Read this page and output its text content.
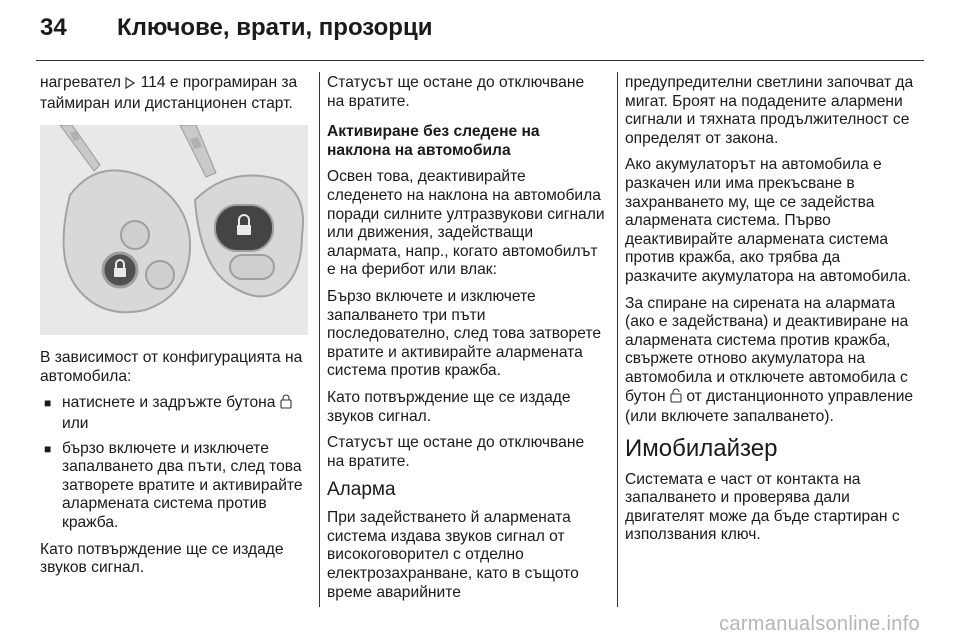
34 Ключове, врати, прозорци

нагревател  114 е програмиран за таймиран или дистанционен старт.

В зависимост от конфигурацията на автомобила:

■ натиснете и задръжте бутона  или
■ бързо включете и изключете запалването два пъти, след това затворете вратите и активирайте алармената система против кражба.

Като потвърждение ще се издаде звуков сигнал.

Статусът ще остане до отключване на вратите.

Активиране без следене на наклона на автомобила

Освен това, деактивирайте следенето на наклона на автомобила поради силните ултразвукови сигнали или движения, задействащи алармата, напр., когато автомобилът е на ферибот или влак:

Бързо включете и изключете запалването три пъти последователно, след това затворете вратите и активирайте алармената система против кражба.

Като потвърждение ще се издаде звуков сигнал.

Статусът ще остане до отключване на вратите.

Аларма

При задействането й алармената система издава звуков сигнал от високоговорител с отделно електрозахранване, като в същото време аварийните

предупредителни светлини започват да мигат. Броят на подадените алармени сигнали и тяхната продължителност се определят от закона.

Ако акумулаторът на автомобила е разкачен или има прекъсване в захранването му, ще се задейства алармената система. Първо деактивирайте алармената система против кражба, ако трябва да разкачите акумулатора на автомобила.

За спиране на сирената на алармата (ако е задействана) и деактивиране на алармената система против кражба, свържете отново акумулатора на автомобила и отключете автомобила с бутон  от дистанционното управление (или включете запалването).

Имобилайзер

Системата е част от контакта на запалването и проверява дали двигателят може да бъде стартиран с използвания ключ.

carmanualsonline.info
